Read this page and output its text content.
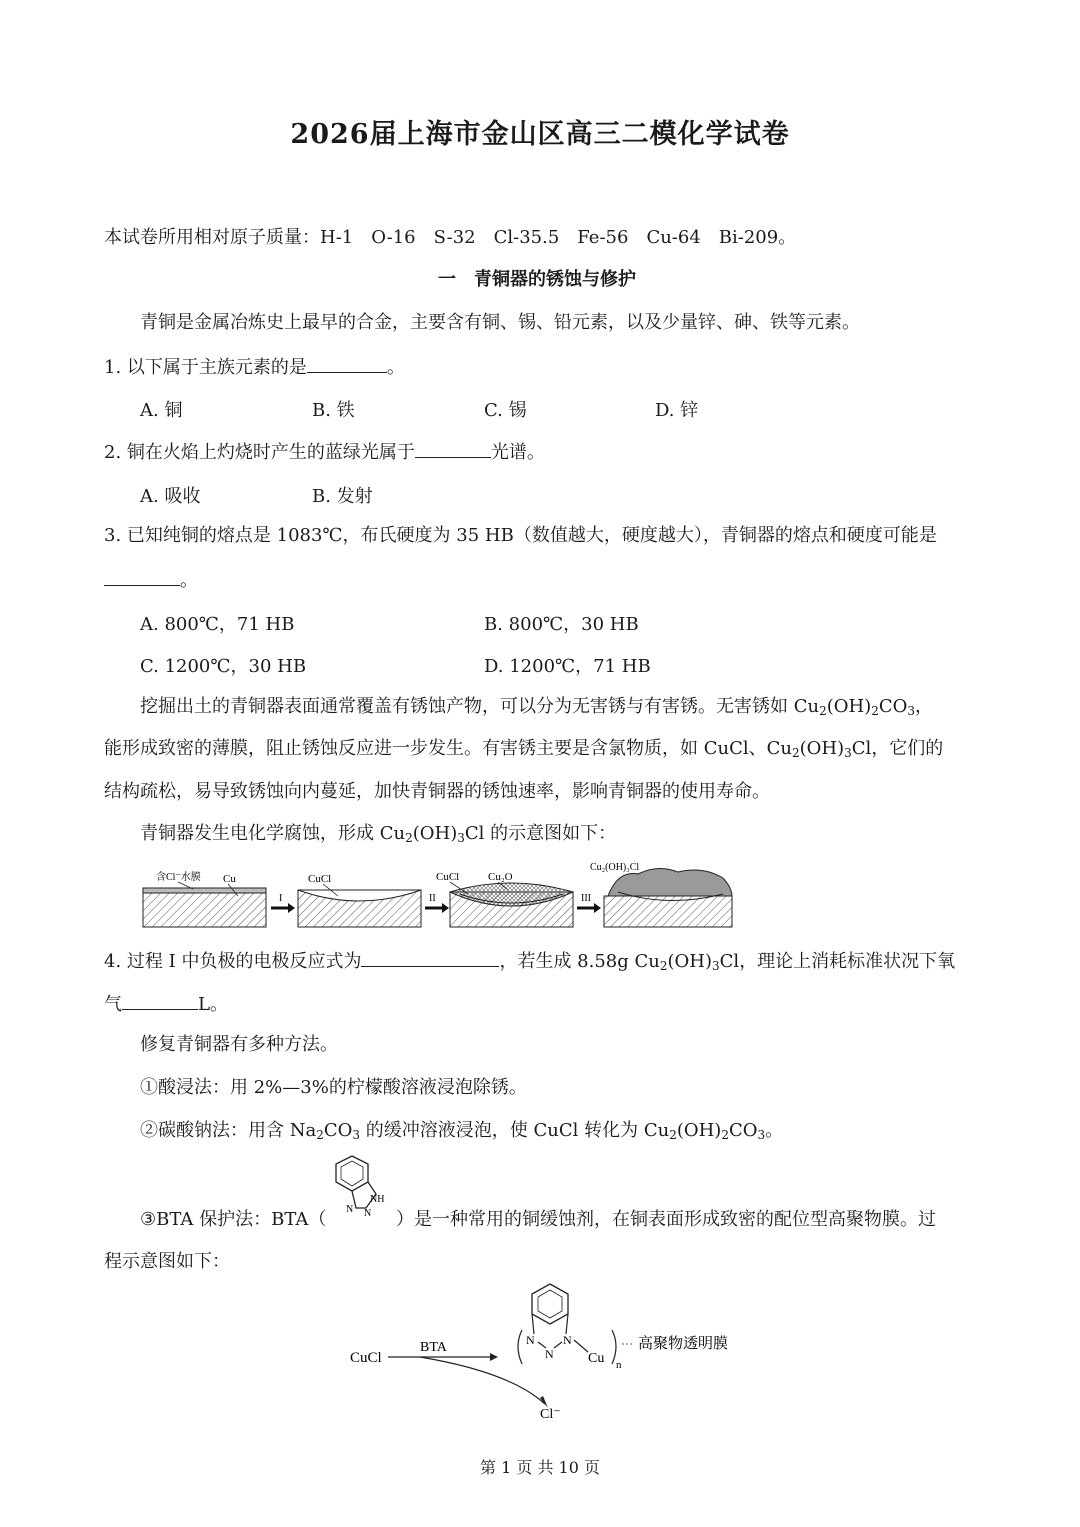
2026届上海市金山区高三二模化学试卷
本试卷所用相对原子质量：H-1　O-16　S-32　Cl-35.5　Fe-56　Cu-64　Bi-209。
一　青铜器的锈蚀与修护
青铜是金属冶炼史上最早的合金，主要含有铜、锡、铅元素，以及少量锌、砷、铁等元素。
1. 以下属于主族元素的是	。
A. 铜	B. 铁	C. 锡	D. 锌
2. 铜在火焰上灼烧时产生的蓝绿光属于	光谱。
A. 吸收	B. 发射
3. 已知纯铜的熔点是 1083℃，布氏硬度为 35 HB（数值越大，硬度越大），青铜器的熔点和硬度可能是
。
A. 800℃，71 HB	B. 800℃，30 HB
C. 1200℃，30 HB	D. 1200℃，71 HB
挖掘出土的青铜器表面通常覆盖有锈蚀产物，可以分为无害锈与有害锈。无害锈如 $Cu_2(OH)_2CO_3$，
能形成致密的薄膜，阻止锈蚀反应进一步发生。有害锈主要是含氯物质，如 CuCl、$Cu_2(OH)_3Cl$，它们的
结构疏松，易导致锈蚀向内蔓延，加快青铜器的锈蚀速率，影响青铜器的使用寿命。
青铜器发生电化学腐蚀，形成 $Cu_2(OH)_3Cl$ 的示意图如下：
含Cl⁻水膜 Cu
I
CuCl
II
CuCl	Cu₂O
III
Cu₂(OH)₃Cl
4. 过程 I 中负极的电极反应式为	，若生成 8.58g $Cu_2(OH)_3Cl$，理论上消耗标准状况下氧
气	L。
修复青铜器有多种方法。
①酸浸法：用 2%—3%的柠檬酸溶液浸泡除锈。
②碳酸钠法：用含 $Na_2CO_3$ 的缓冲溶液浸泡，使 CuCl 转化为 $Cu_2(OH)_2CO_3$。
③BTA 保护法：BTA（
NH
N
N ）是一种常用的铜缓蚀剂，在铜表面形成致密的配位型高聚物膜。过
程示意图如下：
CuCl
BTA
Cl⁻
N
N
N
Cu n
高聚物透明膜
第 1 页 共 10 页
